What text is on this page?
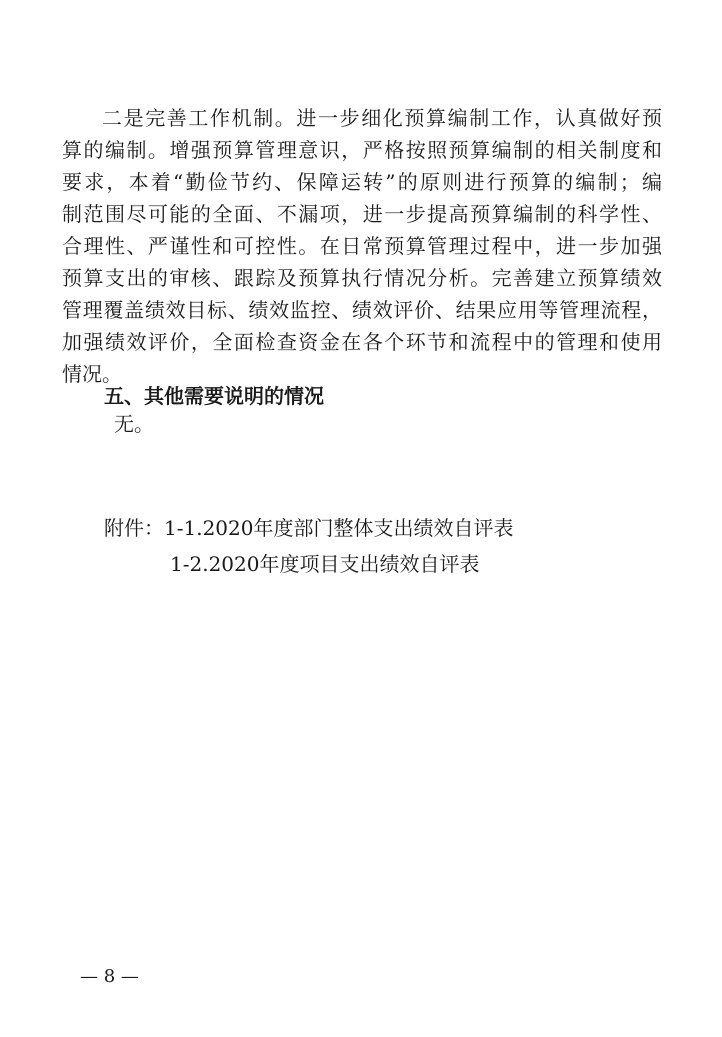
二是完善工作机制。进一步细化预算编制工作，认真做好预
算的编制。增强预算管理意识，严格按照预算编制的相关制度和
要求，本着“勤俭节约、保障运转”的原则进行预算的编制；编
制范围尽可能的全面、不漏项，进一步提高预算编制的科学性、
合理性、严谨性和可控性。在日常预算管理过程中，进一步加强
预算支出的审核、跟踪及预算执行情况分析。完善建立预算绩效
管理覆盖绩效目标、绩效监控、绩效评价、结果应用等管理流程，
加强绩效评价，全面检查资金在各个环节和流程中的管理和使用
情况。
五、其他需要说明的情况
无。
附件：1-1.2020年度部门整体支出绩效自评表
1-2.2020年度项目支出绩效自评表
— 8 —
